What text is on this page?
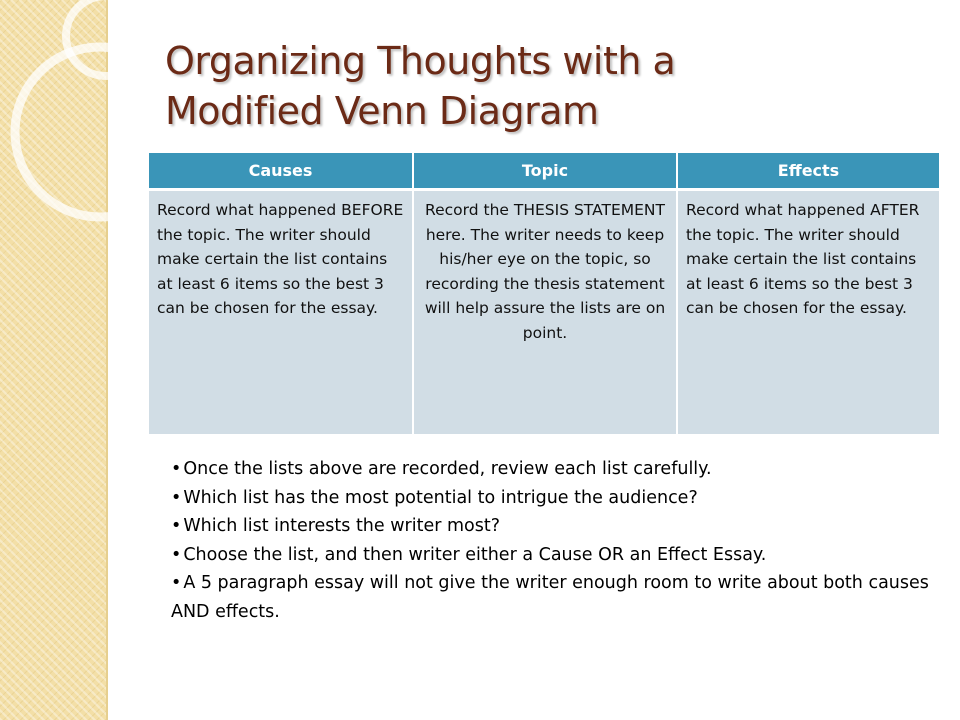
Organizing Thoughts with a
Modified Venn Diagram
Causes	Topic	Effects
Record what happened BEFORE the topic. The writer should make certain the list contains at least 6 items so the best 3 can be chosen for the essay.	Record the THESIS STATEMENT here. The writer needs to keep his/her eye on the topic, so recording the thesis statement will help assure the lists are on point.	Record what happened AFTER the topic. The writer should make certain the list contains at least 6 items so the best 3 can be chosen for the essay.
• Once the lists above are recorded, review each list carefully.
• Which list has the most potential to intrigue the audience?
• Which list interests the writer most?
• Choose the list, and then writer either a Cause OR an Effect Essay.
• A 5 paragraph essay will not give the writer enough room to write about both causes AND effects.
